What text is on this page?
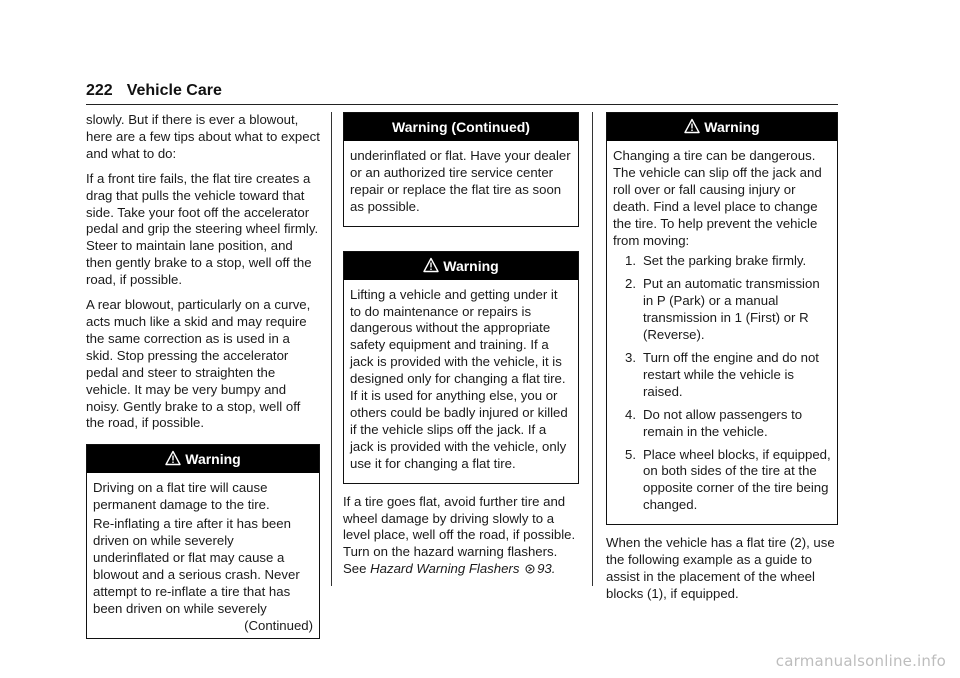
222 Vehicle Care

slowly. But if there is ever a blowout, here are a few tips about what to expect and what to do:

If a front tire fails, the flat tire creates a drag that pulls the vehicle toward that side. Take your foot off the accelerator pedal and grip the steering wheel firmly. Steer to maintain lane position, and then gently brake to a stop, well off the road, if possible.

A rear blowout, particularly on a curve, acts much like a skid and may require the same correction as is used in a skid. Stop pressing the accelerator pedal and steer to straighten the vehicle. It may be very bumpy and noisy. Gently brake to a stop, well off the road, if possible.

Warning

Driving on a flat tire will cause permanent damage to the tire.

Re-inflating a tire after it has been driven on while severely underinflated or flat may cause a blowout and a serious crash. Never attempt to re-inflate a tire that has been driven on while severely

(Continued)
Warning (Continued)

underinflated or flat. Have your dealer or an authorized tire service center repair or replace the flat tire as soon as possible.

Warning

Lifting a vehicle and getting under it to do maintenance or repairs is dangerous without the appropriate safety equipment and training. If a jack is provided with the vehicle, it is designed only for changing a flat tire. If it is used for anything else, you or others could be badly injured or killed if the vehicle slips off the jack. If a jack is provided with the vehicle, only use it for changing a flat tire.

If a tire goes flat, avoid further tire and wheel damage by driving slowly to a level place, well off the road, if possible. Turn on the hazard warning flashers. See Hazard Warning Flashers 93.

Warning

Changing a tire can be dangerous. The vehicle can slip off the jack and roll over or fall causing injury or death. Find a level place to change the tire. To help prevent the vehicle from moving:

1. Set the parking brake firmly.
2. Put an automatic transmission in P (Park) or a manual transmission in 1 (First) or R (Reverse).
3. Turn off the engine and do not restart while the vehicle is raised.
4. Do not allow passengers to remain in the vehicle.
5. Place wheel blocks, if equipped, on both sides of the tire at the opposite corner of the tire being changed.

When the vehicle has a flat tire (2), use the following example as a guide to assist in the placement of the wheel blocks (1), if equipped.

carmanualsonline.info
